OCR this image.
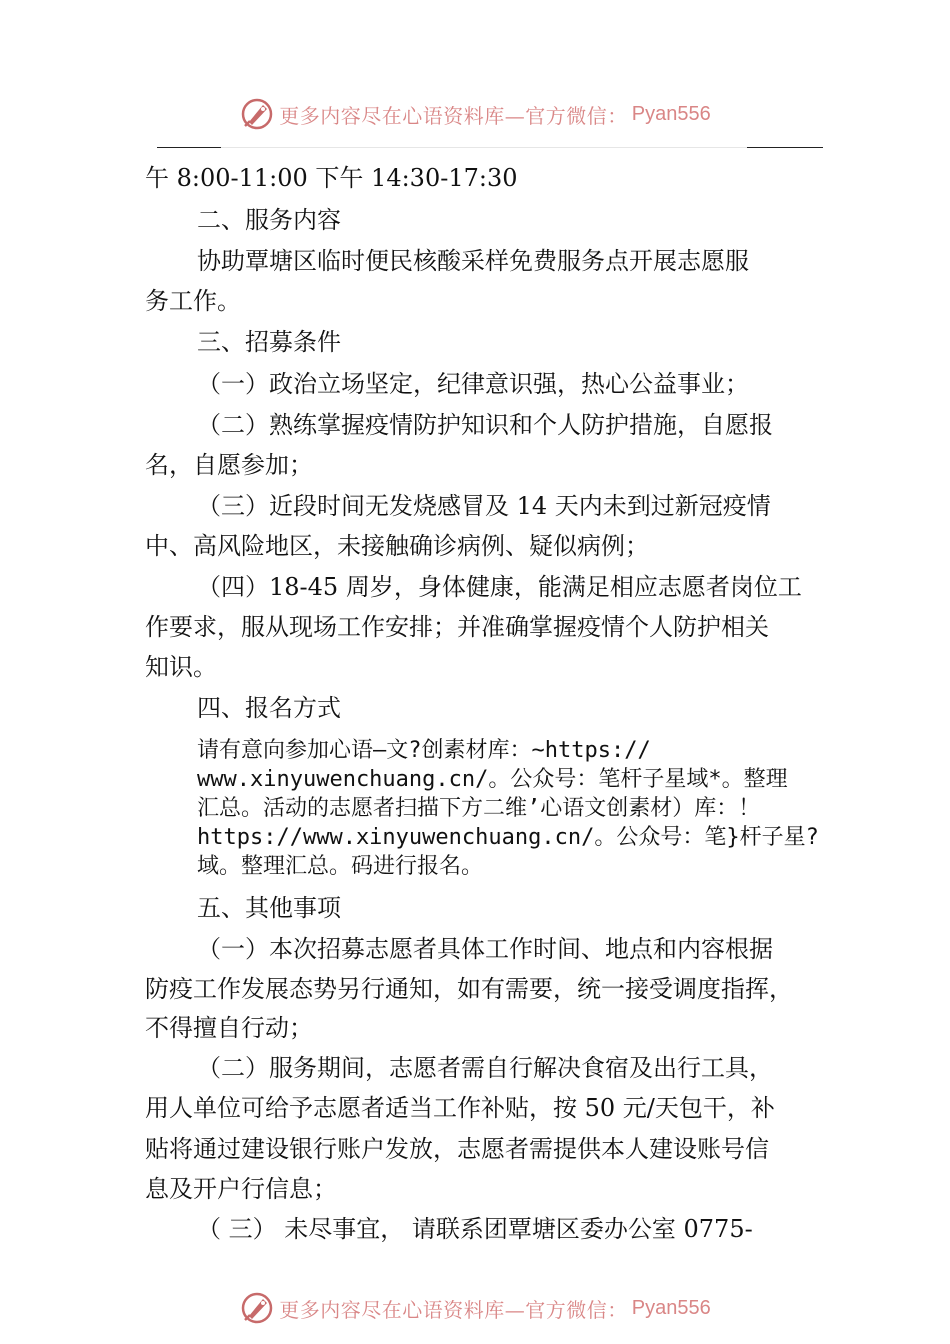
更多内容尽在心语资料库—官方微信： Pyan556
午 8:00-11:00 下午 14:30-17:30
二、服务内容
协助覃塘区临时便民核酸采样免费服务点开展志愿服
务工作。
三、招募条件
（一）政治立场坚定，纪律意识强，热心公益事业；
（二）熟练掌握疫情防护知识和个人防护措施，自愿报
名，自愿参加；
（三）近段时间无发烧感冒及 14 天内未到过新冠疫情
中、高风险地区，未接触确诊病例、疑似病例；
（四）18-45 周岁，身体健康，能满足相应志愿者岗位工
作要求，服从现场工作安排；并准确掌握疫情个人防护相关
知识。
四、报名方式
请有意向参加心语—文?创素材库：~https://
www.xinyuwenchuang.cn/。公众号：笔杆子星域*。整理
汇总。活动的志愿者扫描下方二维’心语文创素材）库：！
https://www.xinyuwenchuang.cn/。公众号：笔}杆子星?
域。整理汇总。码进行报名。
五、其他事项
（一）本次招募志愿者具体工作时间、地点和内容根据
防疫工作发展态势另行通知，如有需要，统一接受调度指挥，
不得擅自行动；
（二）服务期间，志愿者需自行解决食宿及出行工具，
用人单位可给予志愿者适当工作补贴，按 50 元/天包干，补
贴将通过建设银行账户发放，志愿者需提供本人建设账号信
息及开户行信息；
（ 三） 未尽事宜， 请联系团覃塘区委办公室 0775-
更多内容尽在心语资料库—官方微信： Pyan556
